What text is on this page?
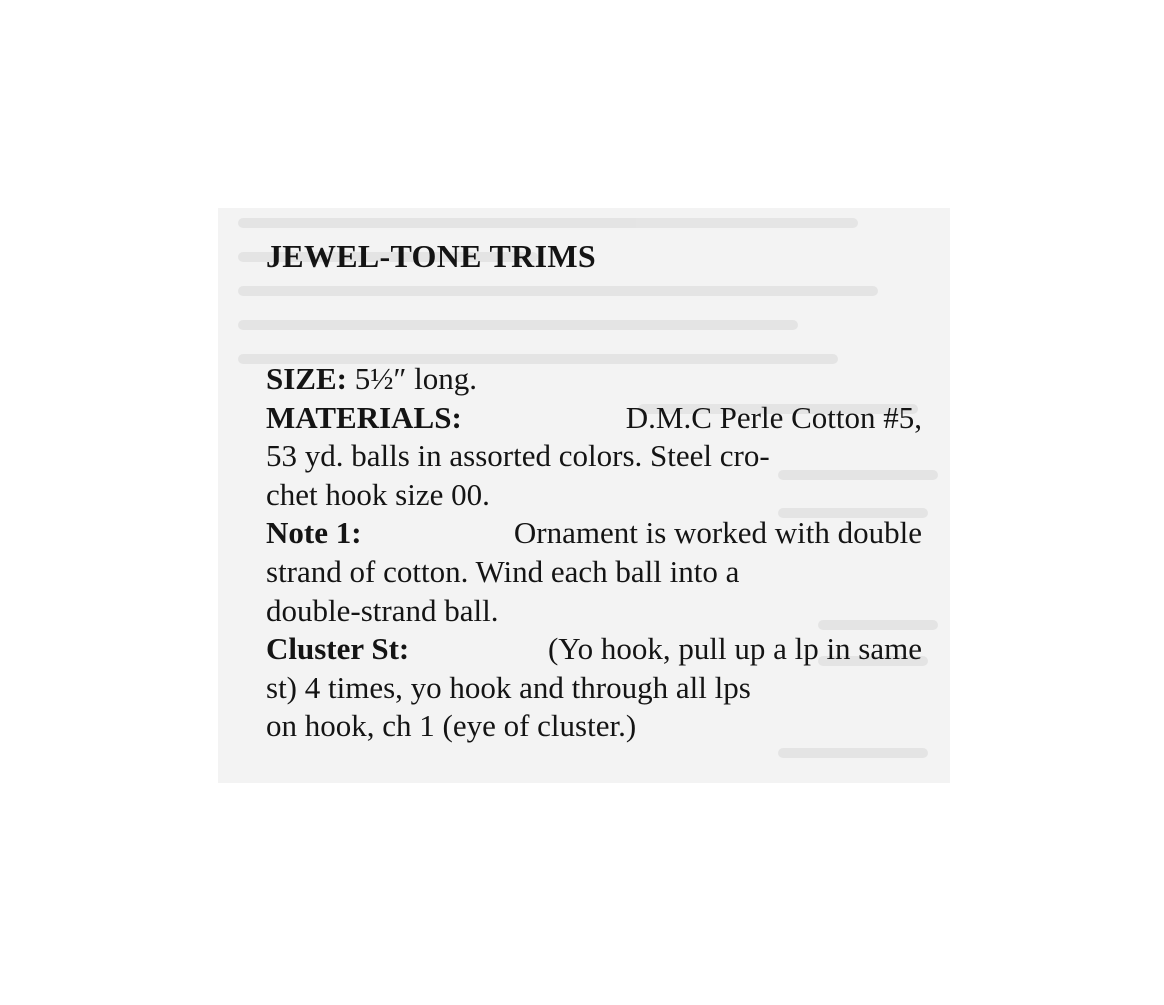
JEWEL-TONE TRIMS
SIZE: 5½″ long.
MATERIALS:	D.M.C Perle Cotton #5,
53 yd. balls in assorted colors. Steel cro-
chet hook size 00.
Note 1:	Ornament is worked with double
strand of cotton. Wind each ball into a
double-strand ball.
Cluster St:	(Yo hook, pull up a lp in same
st) 4 times, yo hook and through all lps
on hook, ch 1 (eye of cluster.)
